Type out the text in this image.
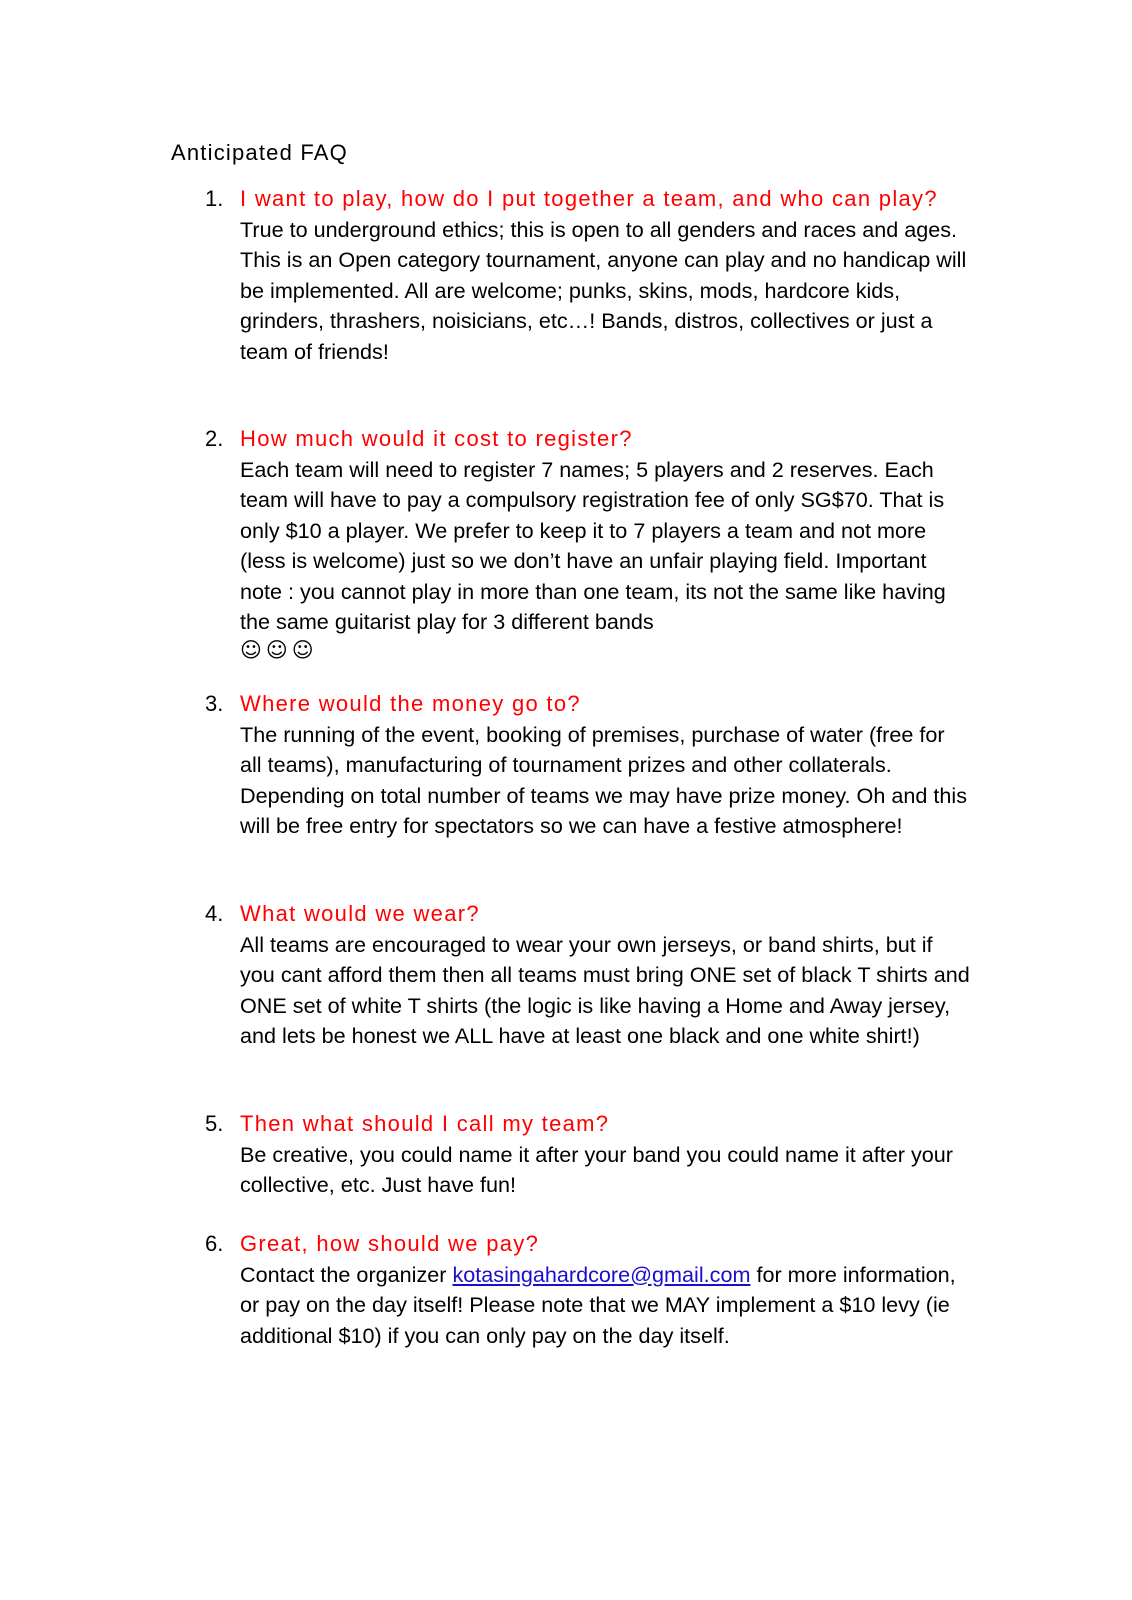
Anticipated FAQ
1. I want to play, how do I put together a team, and who can play?

True to underground ethics; this is open to all genders and races and ages. This is an Open category tournament, anyone can play and no handicap will be implemented. All are welcome; punks, skins, mods, hardcore kids, grinders, thrashers, noisicians, etc…! Bands, distros, collectives or just a team of friends!

2. How much would it cost to register?

Each team will need to register 7 names; 5 players and 2 reserves. Each team will have to pay a compulsory registration fee of only SG$70. That is only $10 a player. We prefer to keep it to 7 players a team and not more (less is welcome) just so we don’t have an unfair playing field. Important note : you cannot play in more than one team, its not the same like having the same guitarist play for 3 different bands
☺☺☺

3. Where would the money go to?

The running of the event, booking of premises, purchase of water (free for all teams), manufacturing of tournament prizes and other collaterals. Depending on total number of teams we may have prize money. Oh and this will be free entry for spectators so we can have a festive atmosphere!

4. What would we wear?

All teams are encouraged to wear your own jerseys, or band shirts, but if you cant afford them then all teams must bring ONE set of black T shirts and ONE set of white T shirts (the logic is like having a Home and Away jersey, and lets be honest we ALL have at least one black and one white shirt!)

5. Then what should I call my team?

Be creative, you could name it after your band you could name it after your collective, etc. Just have fun!

6. Great, how should we pay?

Contact the organizer kotasingahardcore@gmail.com for more information, or pay on the day itself! Please note that we MAY implement a $10 levy (ie additional $10) if you can only pay on the day itself.
